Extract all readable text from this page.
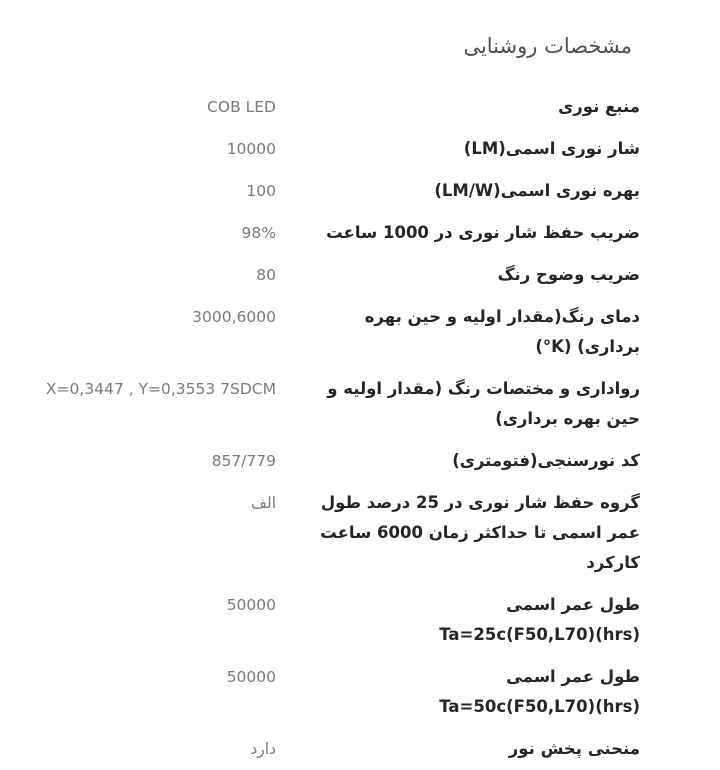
مشخصات روشنایی
منبع نوری
COB LED
شار نوری اسمی(LM)
10000
بهره نوری اسمی(LM/W)
100
ضریب حفظ شار نوری در 1000 ساعت
98%
ضریب وضوح رنگ
80
دمای رنگ(مقدار اولیه و حین بهره برداری) (K°)
3000,6000
رواداری و مختصات رنگ (مقدار اولیه و حین بهره برداری)
X=0,3447 , Y=0,3553 7SDCM
کد نورسنجی(فتومتری)
857/779
گروه حفظ شار نوری در 25 درصد طول عمر اسمی تا حداکثر زمان 6000 ساعت کارکرد
الف
طول عمر اسمی (hrs)Ta=25c(F50,L70)
50000
طول عمر اسمی (hrs)Ta=50c(F50,L70)
50000
منحنی پخش نور
دارد
